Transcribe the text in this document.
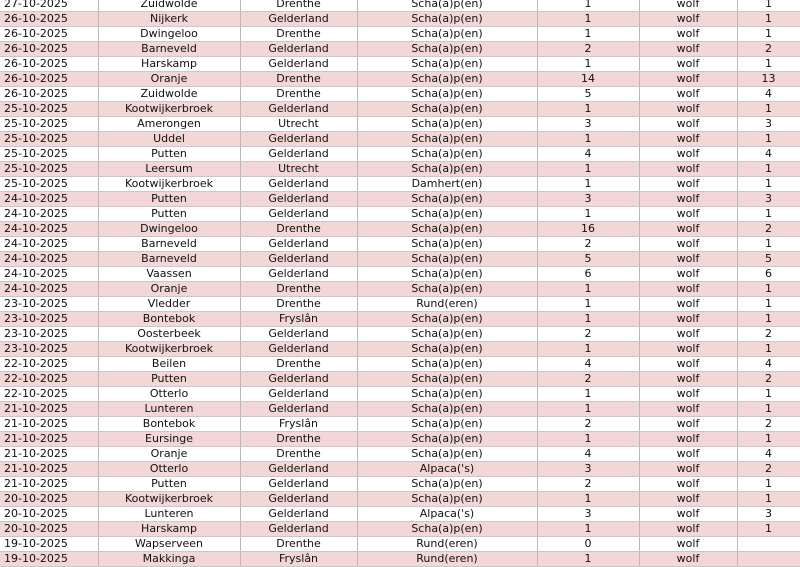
27-10-2025	Zuidwolde	Drenthe	Scha(a)p(en)	1	wolf	1
26-10-2025	Nijkerk	Gelderland	Scha(a)p(en)	1	wolf	1
26-10-2025	Dwingeloo	Drenthe	Scha(a)p(en)	1	wolf	1
26-10-2025	Barneveld	Gelderland	Scha(a)p(en)	2	wolf	2
26-10-2025	Harskamp	Gelderland	Scha(a)p(en)	1	wolf	1
26-10-2025	Oranje	Drenthe	Scha(a)p(en)	14	wolf	13
26-10-2025	Zuidwolde	Drenthe	Scha(a)p(en)	5	wolf	4
25-10-2025	Kootwijkerbroek	Gelderland	Scha(a)p(en)	1	wolf	1
25-10-2025	Amerongen	Utrecht	Scha(a)p(en)	3	wolf	3
25-10-2025	Uddel	Gelderland	Scha(a)p(en)	1	wolf	1
25-10-2025	Putten	Gelderland	Scha(a)p(en)	4	wolf	4
25-10-2025	Leersum	Utrecht	Scha(a)p(en)	1	wolf	1
25-10-2025	Kootwijkerbroek	Gelderland	Damhert(en)	1	wolf	1
24-10-2025	Putten	Gelderland	Scha(a)p(en)	3	wolf	3
24-10-2025	Putten	Gelderland	Scha(a)p(en)	1	wolf	1
24-10-2025	Dwingeloo	Drenthe	Scha(a)p(en)	16	wolf	2
24-10-2025	Barneveld	Gelderland	Scha(a)p(en)	2	wolf	1
24-10-2025	Barneveld	Gelderland	Scha(a)p(en)	5	wolf	5
24-10-2025	Vaassen	Gelderland	Scha(a)p(en)	6	wolf	6
24-10-2025	Oranje	Drenthe	Scha(a)p(en)	1	wolf	1
23-10-2025	Vledder	Drenthe	Rund(eren)	1	wolf	1
23-10-2025	Bontebok	Fryslân	Scha(a)p(en)	1	wolf	1
23-10-2025	Oosterbeek	Gelderland	Scha(a)p(en)	2	wolf	2
23-10-2025	Kootwijkerbroek	Gelderland	Scha(a)p(en)	1	wolf	1
22-10-2025	Beilen	Drenthe	Scha(a)p(en)	4	wolf	4
22-10-2025	Putten	Gelderland	Scha(a)p(en)	2	wolf	2
22-10-2025	Otterlo	Gelderland	Scha(a)p(en)	1	wolf	1
21-10-2025	Lunteren	Gelderland	Scha(a)p(en)	1	wolf	1
21-10-2025	Bontebok	Fryslân	Scha(a)p(en)	2	wolf	2
21-10-2025	Eursinge	Drenthe	Scha(a)p(en)	1	wolf	1
21-10-2025	Oranje	Drenthe	Scha(a)p(en)	4	wolf	4
21-10-2025	Otterlo	Gelderland	Alpaca('s)	3	wolf	2
21-10-2025	Putten	Gelderland	Scha(a)p(en)	2	wolf	1
20-10-2025	Kootwijkerbroek	Gelderland	Scha(a)p(en)	1	wolf	1
20-10-2025	Lunteren	Gelderland	Alpaca('s)	3	wolf	3
20-10-2025	Harskamp	Gelderland	Scha(a)p(en)	1	wolf	1
19-10-2025	Wapserveen	Drenthe	Rund(eren)	0	wolf	
19-10-2025	Makkinga	Fryslân	Rund(eren)	1	wolf	
